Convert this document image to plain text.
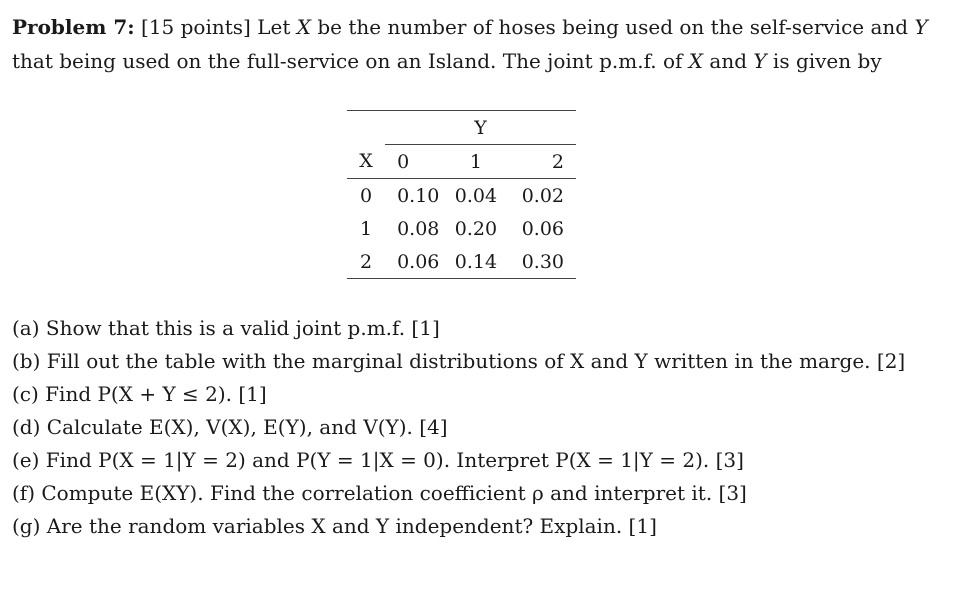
Problem 7: [15 points] Let X be the number of hoses being used on the self-service and Y that being used on the full-service on an Island. The joint p.m.f. of X and Y is given by
	Y		
X	0	1	2
0	0.10	0.04	0.02
1	0.08	0.20	0.06
2	0.06	0.14	0.30
(a) Show that this is a valid joint p.m.f. [1]
(b) Fill out the table with the marginal distributions of X and Y written in the marge. [2]
(c) Find P(X + Y ≤ 2). [1]
(d) Calculate E(X), V(X), E(Y), and V(Y). [4]
(e) Find P(X = 1|Y = 2) and P(Y = 1|X = 0). Interpret P(X = 1|Y = 2). [3]
(f) Compute E(XY). Find the correlation coefficient ρ and interpret it. [3]
(g) Are the random variables X and Y independent? Explain. [1]
